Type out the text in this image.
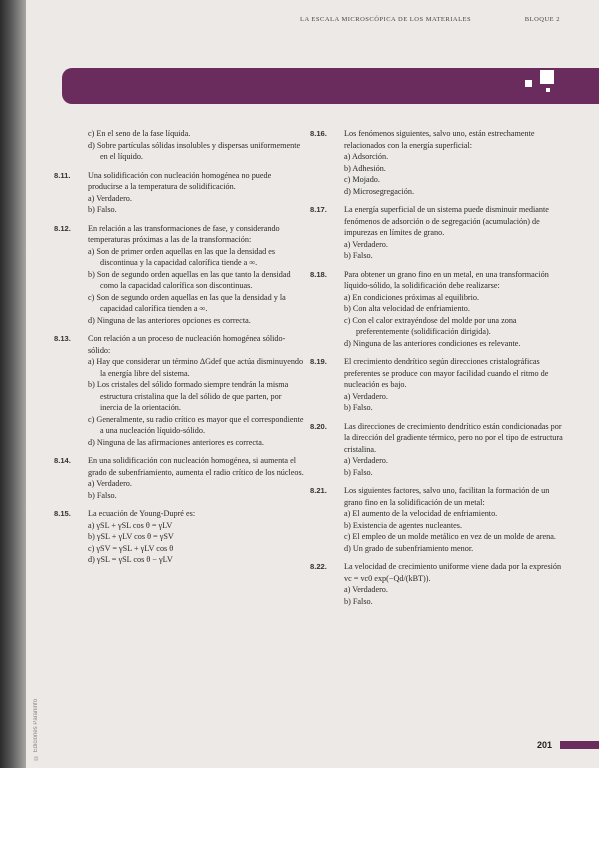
LA ESCALA MICROSCÓPICA DE LOS MATERIALES	BLOQUE 2
c) En el seno de la fase líquida.
d) Sobre partículas sólidas insolubles y dispersas uniformemente en el líquido.
8.11. Una solidificación con nucleación homogénea no puede producirse a la temperatura de solidificación.
a) Verdadero.
b) Falso.
8.12. En relación a las transformaciones de fase, y considerando temperaturas próximas a las de la transformación:
a) Son de primer orden aquellas en las que la densidad es discontinua y la capacidad calorífica tiende a ∞.
b) Son de segundo orden aquellas en las que tanto la densidad como la capacidad calorífica son discontinuas.
c) Son de segundo orden aquellas en las que la densidad y la capacidad calorífica tienden a ∞.
d) Ninguna de las anteriores opciones es correcta.
8.13. Con relación a un proceso de nucleación homogénea sólido-sólido:
a) Hay que considerar un término ΔGdef que actúa disminuyendo la energía libre del sistema.
b) Los cristales del sólido formado siempre tendrán la misma estructura cristalina que la del sólido de que parten, por inercia de la orientación.
c) Generalmente, su radio crítico es mayor que el correspondiente a una nucleación líquido-sólido.
d) Ninguna de las afirmaciones anteriores es correcta.
8.14. En una solidificación con nucleación homogénea, si aumenta el grado de subenfriamiento, aumenta el radio crítico de los núcleos.
a) Verdadero.
b) Falso.
8.15. La ecuación de Young-Dupré es:
a) γSL + γSL cos θ = γLV
b) γSL + γLV cos θ = γSV
c) γSV = γSL + γLV cos θ
d) γSL = γSL cos θ − γLV
8.16. Los fenómenos siguientes, salvo uno, están estrechamente relacionados con la energía superficial:
a) Adsorción.
b) Adhesión.
c) Mojado.
d) Microsegregación.
8.17. La energía superficial de un sistema puede disminuir mediante fenómenos de adsorción o de segregación (acumulación) de impurezas en límites de grano.
a) Verdadero.
b) Falso.
8.18. Para obtener un grano fino en un metal, en una transformación líquido-sólido, la solidificación debe realizarse:
a) En condiciones próximas al equilibrio.
b) Con alta velocidad de enfriamiento.
c) Con el calor extrayéndose del molde por una zona preferentemente (solidificación dirigida).
d) Ninguna de las anteriores condiciones es relevante.
8.19. El crecimiento dendrítico según direcciones cristalográficas preferentes se produce con mayor facilidad cuando el ritmo de nucleación es bajo.
a) Verdadero.
b) Falso.
8.20. Las direcciones de crecimiento dendrítico están condicionadas por la dirección del gradiente térmico, pero no por el tipo de estructura cristalina.
a) Verdadero.
b) Falso.
8.21. Los siguientes factores, salvo uno, facilitan la formación de un grano fino en la solidificación de un metal:
a) El aumento de la velocidad de enfriamiento.
b) Existencia de agentes nucleantes.
c) El empleo de un molde metálico en vez de un molde de arena.
d) Un grado de subenfriamiento menor.
8.22. La velocidad de crecimiento uniforme viene dada por la expresión vc = vc0 exp(−Qd/(kBT)).
a) Verdadero.
b) Falso.
© Ediciones Paraninfo	201
